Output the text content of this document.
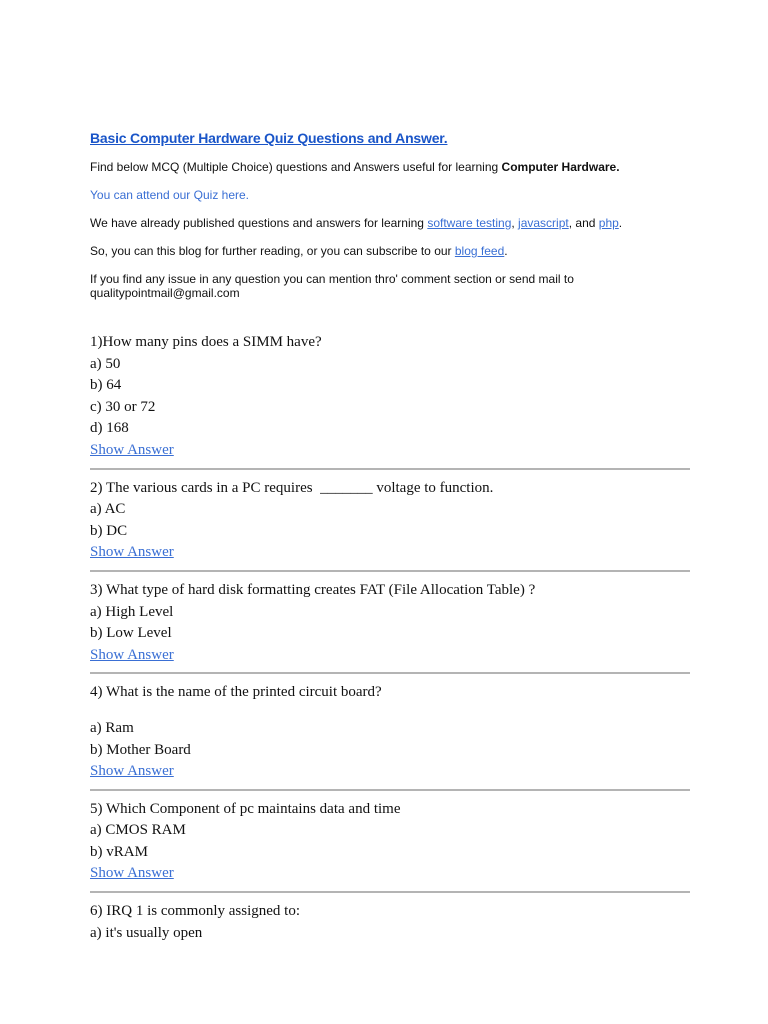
Basic Computer Hardware Quiz Questions and Answer.

Find below MCQ (Multiple Choice) questions and Answers useful for learning Computer Hardware.

You can attend our Quiz here.

We have already published questions and answers for learning software testing, javascript, and php.

So, you can this blog for further reading, or you can subscribe to our blog feed.

If you find any issue in any question you can mention thro' comment section or send mail to
qualitypointmail@gmail.com

1)How many pins does a SIMM have?
a) 50
b) 64
c) 30 or 72
d) 168
Show Answer
2) The various cards in a PC requires  _______ voltage to function.
a) AC
b) DC
Show Answer
3) What type of hard disk formatting creates FAT (File Allocation Table) ?
a) High Level
b) Low Level
Show Answer
4) What is the name of the printed circuit board?
a) Ram
b) Mother Board
Show Answer
5) Which Component of pc maintains data and time
a) CMOS RAM
b) vRAM
Show Answer
6) IRQ 1 is commonly assigned to:
a) it's usually open
